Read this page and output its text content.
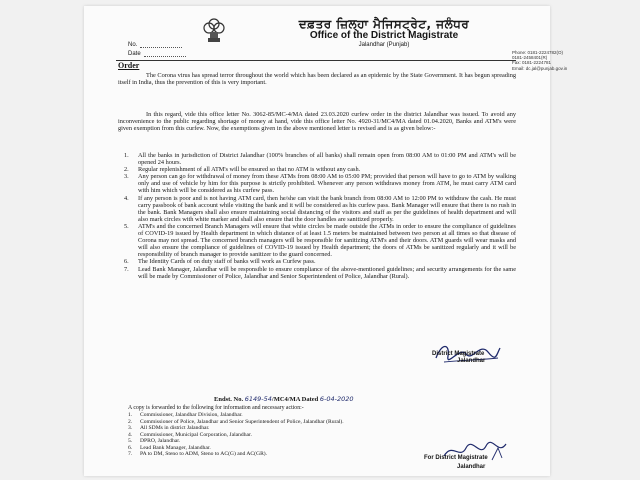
ਦਫ਼ਤਰ ਜ਼ਿਲ੍ਹਾ ਮੈਜਿਸਟ੍ਰੇਟ, ਜਲੰਧਰ
Office of the District Magistrate
Jalandhar (Punjab)
Phone: 0181-2224782(O)
0181-2458401(R)
Fax: 0181-2224781
Email: dc.jal@punjab.gov.in
No.
Date
Order
The Corona virus has spread terror throughout the world which has been declared as an epidemic by the State Government. It has begun spreading itself in India, thus the prevention of this is very important.
In this regard, vide this office letter No. 3062-85/MC-4/MA dated 23.03.2020 curfew order in the district Jalandhar was issued. To avoid any inconvenience to the public regarding shortage of money at hand, vide this office letter No. 4920-31/MC4/MA dated 01.04.2020, Banks and ATM's were given exemption from this curfew. Now, the exemptions given in the above mentioned letter is revised and is as given below:-
1. All the banks in jurisdiction of District Jalandhar (100% branches of all banks) shall remain open from 08:00 AM to 01:00 PM and ATM's will be opened 24 hours.
2. Regular replenishment of all ATM's will be ensured so that no ATM is without any cash.
3. Any person can go for withdrawal of money from these ATMs from 08:00 AM to 05:00 PM; provided that person will have to go to ATM by walking only and use of vehicle by him for this purpose is strictly prohibited. Whenever any person withdraws money from ATM, he must carry ATM card with him which will be considered as his curfew pass.
4. If any person is poor and is not having ATM card, then he/she can visit the bank branch from 08:00 AM to 12:00 PM to withdraw the cash. He must carry passbook of bank account while visiting the bank and it will be considered as his curfew pass. Bank Manager will ensure that there is no rush in the bank. Bank Managers shall also ensure maintaining social distancing of the visitors and staff as per the guidelines of health department and will also mark circles with white marker and shall also ensure that the door handles are sanitized properly.
5. ATM's and the concerned Branch Managers will ensure that white circles be made outside the ATMs in order to ensure the compliance of guidelines of COVID-19 issued by Health department in which distance of at least 1.5 meters be maintained between two person at all times so that disease of Corona may not spread. The concerned branch managers will be responsible for sanitizing ATM's and their doors. ATM guards will wear masks and will also ensure the compliance of guidelines of COVID-19 issued by Health department; the doors of ATMs be sanitized regularly and it will be responsibility of branch manager to provide sanitizer to the guard concerned.
6. The Identity Cards of on duty staff of banks will work as Curfew pass.
7. Lead Bank Manager, Jalandhar will be responsible to ensure compliance of the above-mentioned guidelines; and security arrangements for the same will be made by Commissioner of Police, Jalandhar and Senior Superintendent of Police, Jalandhar (Rural).
District Magistrate
Jalandhar
Endst. No. 6149-54/MC4/MA Dated 6-04-2020
A copy is forwarded to the following for information and necessary action:-
1. Commissioner, Jalandhar Division, Jalandhar.
2. Commissioner of Police, Jalandhar and Senior Superintendent of Police, Jalandhar (Rural).
3. All SDMs in district Jalandhar.
4. Commissioner, Municipal Corporation, Jalandhar.
5. DPRO, Jalandhar.
6. Lead Bank Manager, Jalandhar.
7. PA to DM, Steno to ADM, Steno to AC(G) and AC(GR).
For District Magistrate
Jalandhar
